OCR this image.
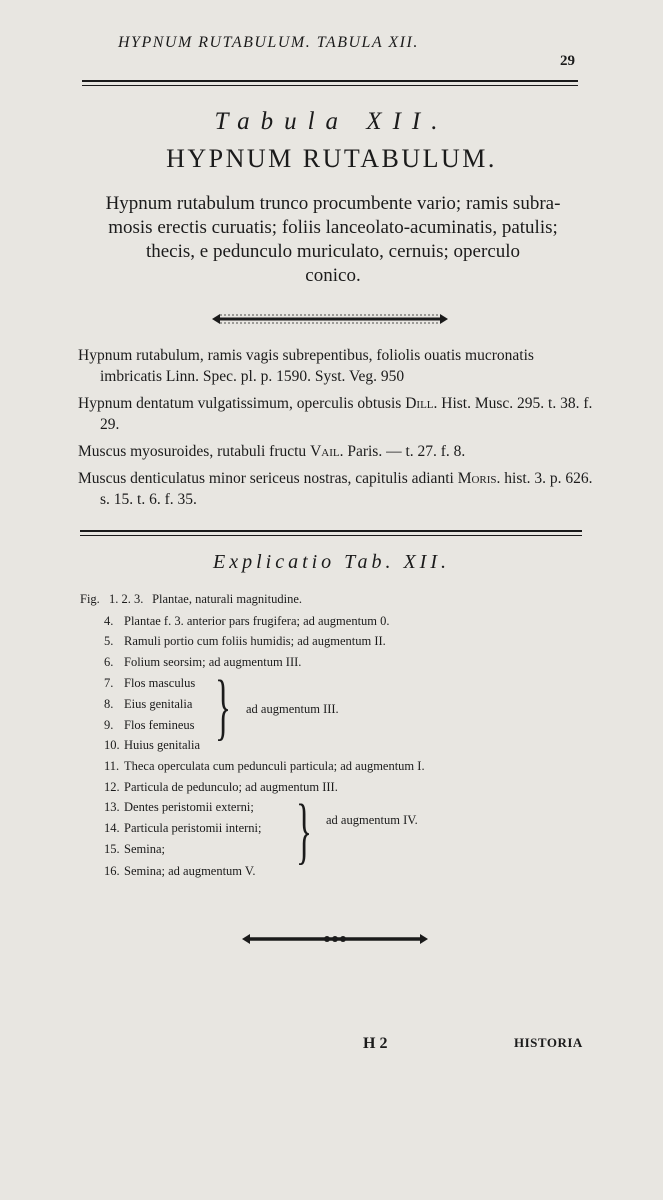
HYPNUM RUTABULUM. TABULA XII.
29
Tabula XII.
HYPNUM RUTABULUM.
Hypnum rutabulum trunco procumbente vario; ramis subra-
mosis erectis curuatis; foliis lanceolato-acuminatis, patulis;
thecis, e pedunculo muriculato, cernuis; operculo
conico.

Hypnum rutabulum, ramis vagis subrepentibus, foliolis ouatis mucronatis imbricatis Linn. Spec. pl. p. 1590. Syst. Veg. 950

Hypnum dentatum vulgatissimum, operculis obtusis Dill. Hist. Musc. 295. t. 38. f. 29.

Muscus myosuroides, rutabuli fructu Vail. Paris. — t. 27. f. 8.

Muscus denticulatus minor sericeus nostras, capitulis adianti Moris. hist. 3. p. 626. s. 15. t. 6. f. 35.

Explicatio Tab. XII.
Fig. 1. 2. 3. Plantae, naturali magnitudine.
} ad augmentum III.
} ad augmentum IV.
H 2	HISTORIA
4. Plantae f. 3. anterior pars frugifera; ad augmentum 0.
5. Ramuli portio cum foliis humidis; ad augmentum II.
6. Folium seorsim; ad augmentum III.
7. Flos masculus
8. Eius genitalia
9. Flos femineus
10. Huius genitalia
11. Theca operculata cum pedunculi particula; ad augmentum I.
12. Particula de pedunculo; ad augmentum III.
13. Dentes peristomii externi;
14. Particula peristomii interni;
15. Semina;
16. Semina; ad augmentum V.
